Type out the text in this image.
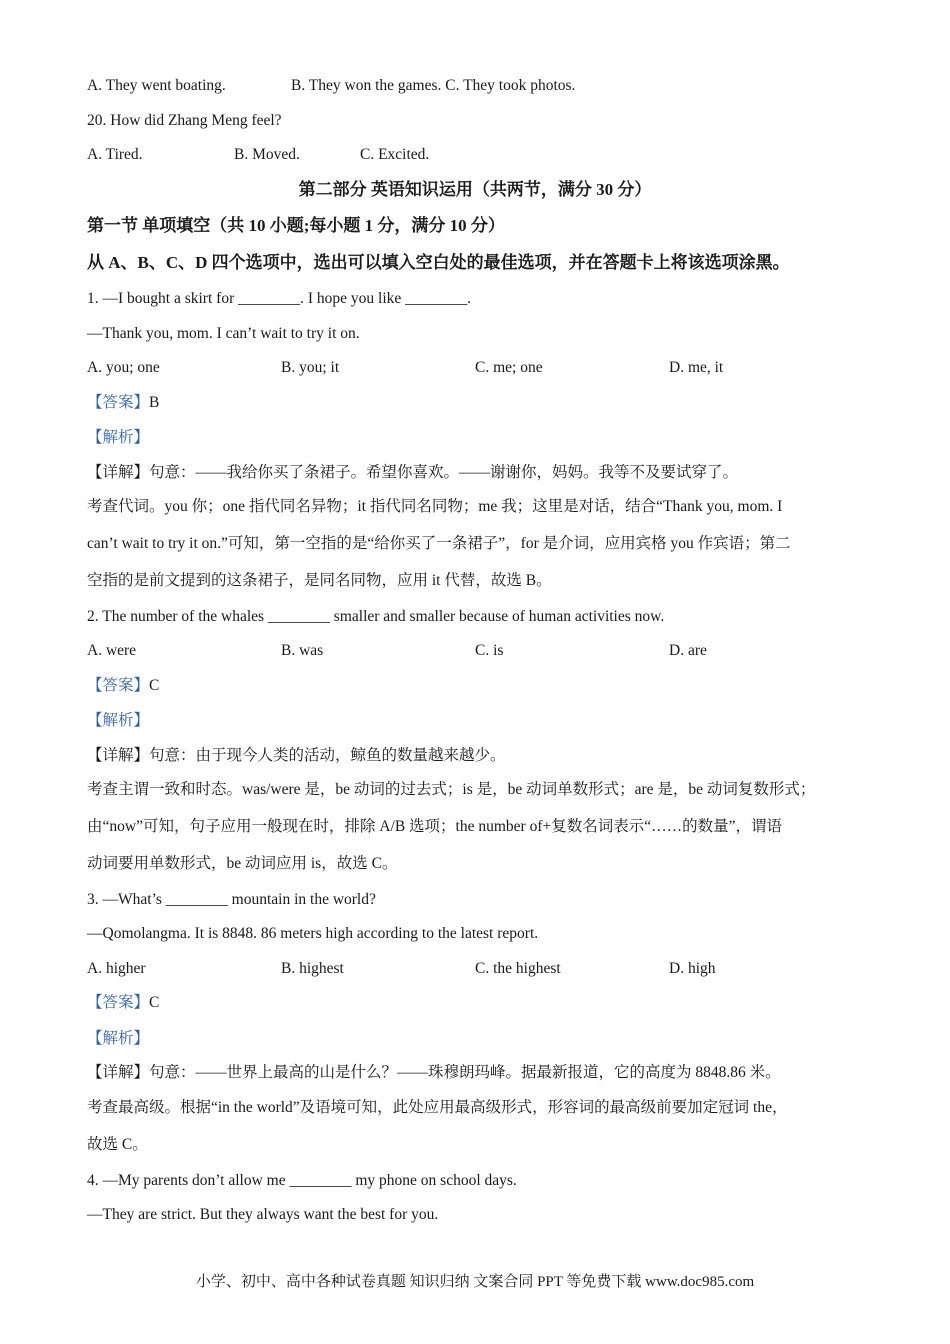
A. They went boating.	B. They won the games. C. They took photos.
20. How did Zhang Meng feel?
A. Tired.	B. Moved.	C. Excited.
第二部分 英语知识运用（共两节，满分 30 分）
第一节 单项填空（共 10 小题;每小题 1 分，满分 10 分）
从 A、B、C、D 四个选项中，选出可以填入空白处的最佳选项，并在答题卡上将该选项涂黑。
1. —I bought a skirt for ________. I hope you like ________.
—Thank you, mom. I can’t wait to try it on.
A. you; one	B. you; it	C. me; one	D. me, it
【答案】B
【解析】
【详解】句意：——我给你买了条裙子。希望你喜欢。——谢谢你，妈妈。我等不及要试穿了。
考查代词。you 你；one 指代同名异物；it 指代同名同物；me 我；这里是对话，结合“Thank you, mom. I
can’t wait to try it on.”可知，第一空指的是“给你买了一条裙子”，for 是介词，应用宾格 you 作宾语；第二
空指的是前文提到的这条裙子，是同名同物，应用 it 代替，故选 B。
2. The number of the whales ________ smaller and smaller because of human activities now.
A. were	B. was	C. is	D. are
【答案】C
【解析】
【详解】句意：由于现今人类的活动，鲸鱼的数量越来越少。
考查主谓一致和时态。was/were 是，be 动词的过去式；is 是，be 动词单数形式；are 是，be 动词复数形式；
由“now”可知，句子应用一般现在时，排除 A/B 选项；the number of+复数名词表示“……的数量”，谓语
动词要用单数形式，be 动词应用 is，故选 C。
3. —What’s ________ mountain in the world?
—Qomolangma. It is 8848. 86 meters high according to the latest report.
A. higher	B. highest	C. the highest	D. high
【答案】C
【解析】
【详解】句意：——世界上最高的山是什么？——珠穆朗玛峰。据最新报道，它的高度为 8848.86 米。
考查最高级。根据“in the world”及语境可知，此处应用最高级形式，形容词的最高级前要加定冠词 the，
故选 C。
4. —My parents don’t allow me ________ my phone on school days.
—They are strict. But they always want the best for you.
小学、初中、高中各种试卷真题 知识归纳 文案合同 PPT 等免费下载 www.doc985.com
